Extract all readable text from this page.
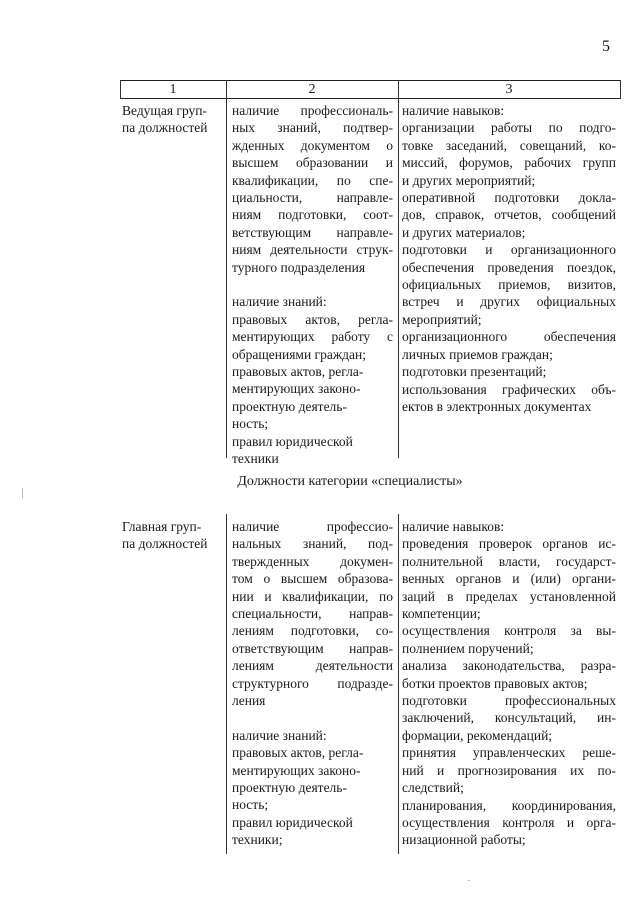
5
1	2	3
Ведущая груп-
па должностей
наличие профессиональ-
ных знаний, подтвер-
жденных документом о
высшем образовании и
квалификации, по спе-
циальности, направле-
ниям подготовки, соот-
ветствующим направле-
ниям деятельности струк-
турного подразделения
наличие знаний:
правовых актов, регла-
ментирующих работу с
обращениями граждан;
правовых актов, регла-
ментирующих законо-
проектную деятель-
ность;
правил юридической
техники
наличие навыков:
организации работы по подго-
товке заседаний, совещаний, ко-
миссий, форумов, рабочих групп
и других мероприятий;
оперативной подготовки докла-
дов, справок, отчетов, сообщений
и других материалов;
подготовки и организационного
обеспечения проведения поездок,
официальных приемов, визитов,
встреч и других официальных
мероприятий;
организационного обеспечения
личных приемов граждан;
подготовки презентаций;
использования графических объ-
ектов в электронных документах
Должности категории «специалисты»
Главная груп-
па должностей
наличие профессио-
нальных знаний, под-
твержденных докумен-
том о высшем образова-
нии и квалификации, по
специальности, направ-
лениям подготовки, со-
ответствующим направ-
лениям деятельности
структурного подразде-
ления
наличие знаний:
правовых актов, регла-
ментирующих законо-
проектную деятель-
ность;
правил юридической
техники;
наличие навыков:
проведения проверок органов ис-
полнительной власти, государст-
венных органов и (или) органи-
заций в пределах установленной
компетенции;
осуществления контроля за вы-
полнением поручений;
анализа законодательства, разра-
ботки проектов правовых актов;
подготовки профессиональных
заключений, консультаций, ин-
формации, рекомендаций;
принятия управленческих реше-
ний и прогнозирования их по-
следствий;
планирования, координирования,
осуществления контроля и орга-
низационной работы;
